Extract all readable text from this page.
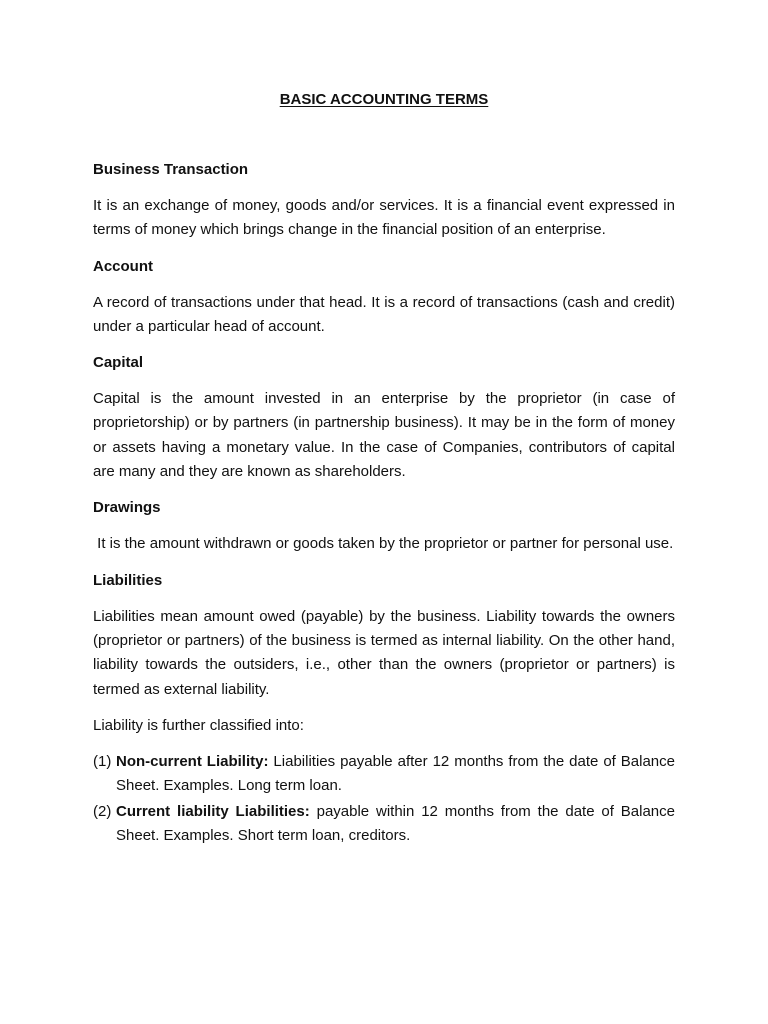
BASIC ACCOUNTING TERMS
Business Transaction
It is an exchange of money, goods and/or services. It is a financial event expressed in terms of money which brings change in the financial position of an enterprise.
Account
A record of transactions under that head. It is a record of transactions (cash and credit) under a particular head of account.
Capital
Capital is the amount invested in an enterprise by the proprietor (in case of proprietorship) or by partners (in partnership business). It may be in the form of money or assets having a monetary value. In the case of Companies, contributors of capital are many and they are known as shareholders.
Drawings
It is the amount withdrawn or goods taken by the proprietor or partner for personal use.
Liabilities
Liabilities mean amount owed (payable) by the business. Liability towards the owners (proprietor or partners) of the business is termed as internal liability. On the other hand, liability towards the outsiders, i.e., other than the owners (proprietor or partners) is termed as external liability.
Liability is further classified into:
(1) Non-current Liability: Liabilities payable after 12 months from the date of Balance Sheet. Examples. Long term loan.
(2) Current liability Liabilities: payable within 12 months from the date of Balance Sheet. Examples. Short term loan, creditors.
